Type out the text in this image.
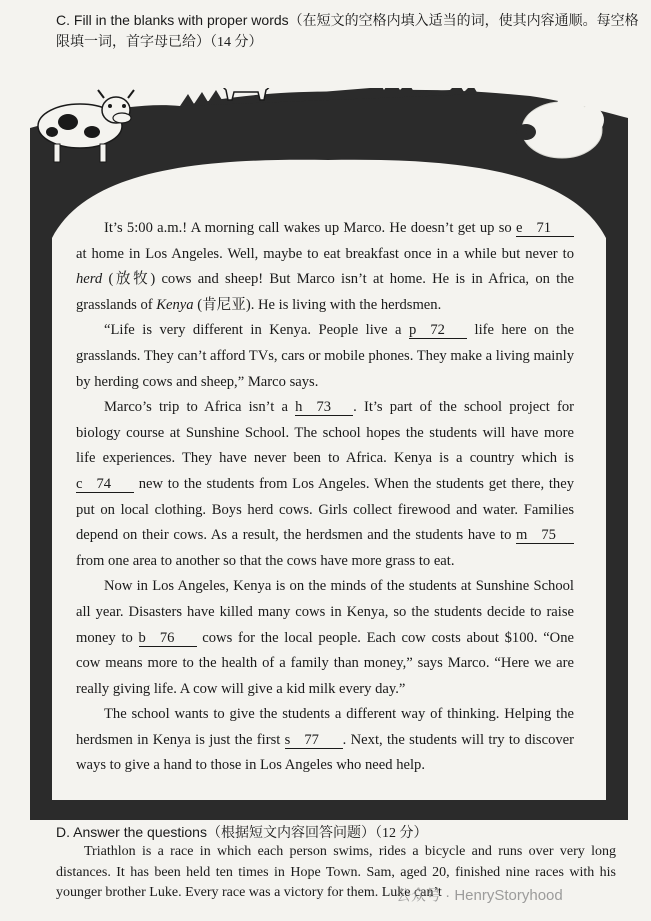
C. Fill in the blanks with proper words（在短文的空格内填入适当的词，使其内容通顺。每空格限填一词，首字母已给）（14 分）

It’s 5:00 a.m.! A morning call wakes up Marco. He doesn’t get up so e 71 at home in Los Angeles. Well, maybe to eat breakfast once in a while but never to herd (放牧) cows and sheep! But Marco isn’t at home. He is in Africa, on the grasslands of Kenya (肯尼亚). He is living with the herdsmen.

“Life is very different in Kenya. People live a p 72 life here on the grasslands. They can’t afford TVs, cars or mobile phones. They make a living mainly by herding cows and sheep,” Marco says.

Marco’s trip to Africa isn’t a h 73 . It’s part of the school project for biology course at Sunshine School. The school hopes the students will have more life experiences. They have never been to Africa. Kenya is a country which is c 74 new to the students from Los Angeles. When the students get there, they put on local clothing. Boys herd cows. Girls collect firewood and water. Families depend on their cows. As a result, the herdsmen and the students have to m 75 from one area to another so that the cows have more grass to eat.

Now in Los Angeles, Kenya is on the minds of the students at Sunshine School all year. Disasters have killed many cows in Kenya, so the students decide to raise money to b 76 cows for the local people. Each cow costs about $100. “One cow means more to the health of a family than money,” says Marco. “Here we are really giving life. A cow will give a kid milk every day.”

The school wants to give the students a different way of thinking. Helping the herdsmen in Kenya is just the first s 77 . Next, the students will try to discover ways to give a hand to those in Los Angeles who need help.

D. Answer the questions（根据短文内容回答问题）（12 分）

Triathlon is a race in which each person swims, rides a bicycle and runs over very long distances. It has been held ten times in Hope Town. Sam, aged 20, finished nine races with his younger brother Luke. Every race was a victory for them. Luke can’t

公众号 · HenryStoryhood
